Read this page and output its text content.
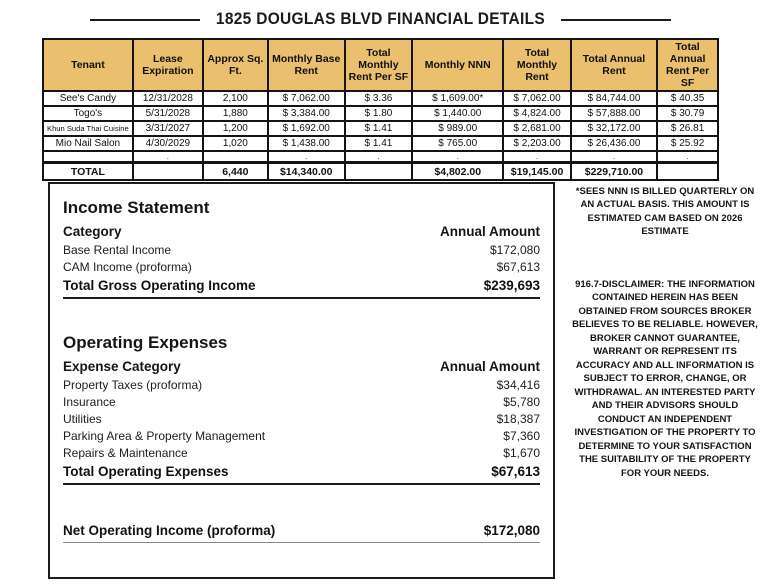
1825 DOUGLAS BLVD FINANCIAL DETAILS
Tenant	Lease Expiration	Approx Sq. Ft.	Monthly Base Rent	Total Monthly Rent Per SF	Monthly NNN	Total Monthly Rent	Total Annual Rent	Total Annual Rent Per SF
See's Candy	12/31/2028	2,100	$ 7,062.00	$ 3.36	$ 1,609.00*	$ 7,062.00	$ 84,744.00	$ 40.35
Togo's	5/31/2028	1,880	$ 3,384.00	$ 1.80	$ 1,440.00	$ 4,824.00	$ 57,888.00	$ 30.79
Khun Suda Thai Cuisine	3/31/2027	1,200	$ 1,692.00	$ 1.41	$ 989.00	$ 2,681.00	$ 32,172.00	$ 26.81
Mio Nail Salon	4/30/2029	1,020	$ 1,438.00	$ 1.41	$ 765.00	$ 2,203.00	$ 26,436.00	$ 25.92
	.		.	.	.	.	.	.
TOTAL		6,440	$14,340.00		$4,802.00	$19,145.00	$229,710.00	
Income Statement
Category	Annual Amount
Base Rental Income	$172,080
CAM Income (proforma)	$67,613
Total Gross Operating Income	$239,693
Operating Expenses
Expense Category	Annual Amount
Property Taxes (proforma)	$34,416
Insurance	$5,780
Utilities	$18,387
Parking Area & Property Management	$7,360
Repairs & Maintenance	$1,670
Total Operating Expenses	$67,613
Net Operating Income (proforma)	$172,080
*SEES NNN IS BILLED QUARTERLY ON AN ACTUAL BASIS. THIS AMOUNT IS ESTIMATED CAM BASED ON 2026 ESTIMATE
916.7-DISCLAIMER: THE INFORMATION CONTAINED HEREIN HAS BEEN OBTAINED FROM SOURCES BROKER BELIEVES TO BE RELIABLE. HOWEVER, BROKER CANNOT GUARANTEE, WARRANT OR REPRESENT ITS ACCURACY AND ALL INFORMATION IS SUBJECT TO ERROR, CHANGE, OR WITHDRAWAL. AN INTERESTED PARTY AND THEIR ADVISORS SHOULD CONDUCT AN INDEPENDENT INVESTIGATION OF THE PROPERTY TO DETERMINE TO YOUR SATISFACTION THE SUITABILITY OF THE PROPERTY FOR YOUR NEEDS.
